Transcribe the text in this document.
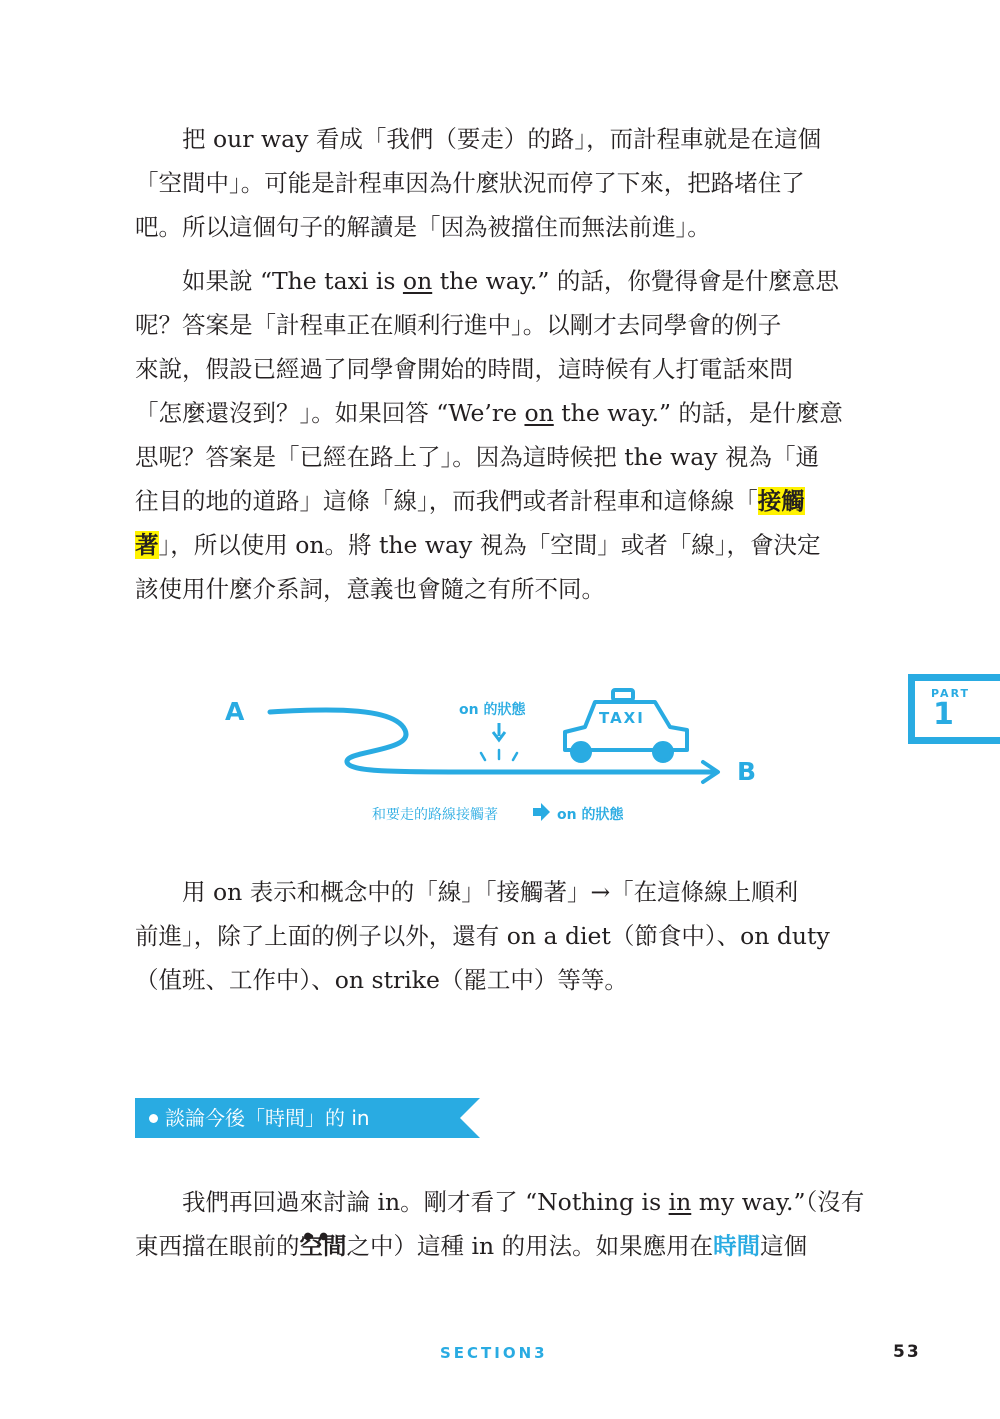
把 our way 看成「我們（要走）的路」，而計程車就是在這個
「空間中」。可能是計程車因為什麼狀況而停了下來，把路堵住了
吧。所以這個句子的解讀是「因為被擋住而無法前進」。

如果說 “The taxi is on the way.” 的話，你覺得會是什麼意思
呢？答案是「計程車正在順利行進中」。以剛才去同學會的例子
來說，假設已經過了同學會開始的時間，這時候有人打電話來問
「怎麼還沒到？」。如果回答 “We’re on the way.” 的話，是什麼意
思呢？答案是「已經在路上了」。因為這時候把 the way 視為「通
往目的地的道路」這條「線」，而我們或者計程車和這條線「接觸
著」，所以使用 on。將 the way 視為「空間」或者「線」，會決定
該使用什麼介系詞，意義也會隨之有所不同。

PART
1
A
B
on 的狀態	TAXI
和要走的路線接觸著	on 的狀態

用 on 表示和概念中的「線」「接觸著」→「在這條線上順利
前進」，除了上面的例子以外，還有 on a diet（節食中）、on duty
（值班、工作中）、on strike（罷工中）等等。

談論今後「時間」的 in

我們再回過來討論 in。剛才看了 “Nothing is in my way.”（沒有
東西擋在眼前的● ● 空間之中）這種 in 的用法。如果應用在時間這個

SECTION3	53
